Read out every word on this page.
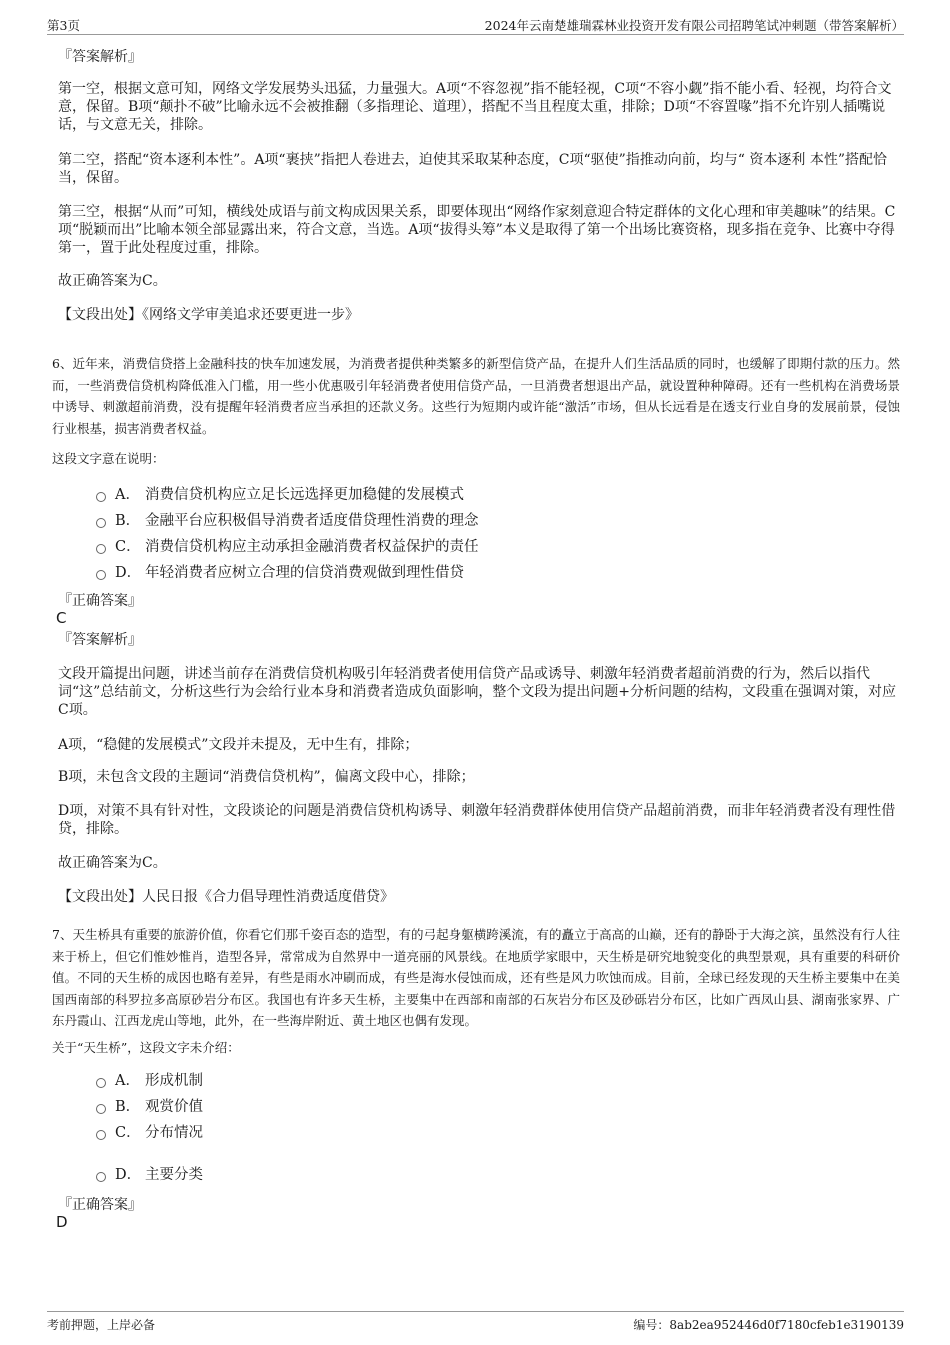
第3页	2024年云南楚雄瑞霖林业投资开发有限公司招聘笔试冲刺题（带答案解析）
『答案解析』

第一空，根据文意可知，网络文学发展势头迅猛，力量强大。A项“不容忽视”指不能轻视，C项“不容小觑”指不能小看、轻视，均符合文意，保留。B项“颠扑不破”比喻永远不会被推翻（多指理论、道理），搭配不当且程度太重，排除；D项“不容置喙”指不允许别人插嘴说话，与文意无关，排除。

第二空，搭配“资本逐利本性”。A项“裹挟”指把人卷进去，迫使其采取某种态度，C项“驱使”指推动向前，均与“ 资本逐利 本性”搭配恰当，保留。

第三空，根据“从而”可知，横线处成语与前文构成因果关系，即要体现出“网络作家刻意迎合特定群体的文化心理和审美趣味”的结果。C项“脱颖而出”比喻本领全部显露出来，符合文意，当选。A项“拔得头筹”本义是取得了第一个出场比赛资格，现多指在竞争、比赛中夺得第一，置于此处程度过重，排除。

故正确答案为C。

【文段出处】《网络文学审美追求还要更进一步》

6、近年来，消费信贷搭上金融科技的快车加速发展，为消费者提供种类繁多的新型信贷产品，在提升人们生活品质的同时，也缓解了即期付款的压力。然而，一些消费信贷机构降低准入门槛，用一些小优惠吸引年轻消费者使用信贷产品，一旦消费者想退出产品，就设置种种障碍。还有一些机构在消费场景中诱导、刺激超前消费，没有提醒年轻消费者应当承担的还款义务。这些行为短期内或许能“激活”市场，但从长远看是在透支行业自身的发展前景，侵蚀行业根基，损害消费者权益。

这段文字意在说明：

A． 消费信贷机构应立足长远选择更加稳健的发展模式
B． 金融平台应积极倡导消费者适度借贷理性消费的理念
C． 消费信贷机构应主动承担金融消费者权益保护的责任
D． 年轻消费者应树立合理的信贷消费观做到理性借贷
『正确答案』
C
『答案解析』

文段开篇提出问题，讲述当前存在消费信贷机构吸引年轻消费者使用信贷产品或诱导、刺激年轻消费者超前消费的行为，然后以指代词“这”总结前文，分析这些行为会给行业本身和消费者造成负面影响，整个文段为提出问题+分析问题的结构，文段重在强调对策，对应C项。

A项，“稳健的发展模式”文段并未提及，无中生有，排除；

B项，未包含文段的主题词“消费信贷机构”，偏离文段中心，排除；

D项，对策不具有针对性，文段谈论的问题是消费信贷机构诱导、刺激年轻消费群体使用信贷产品超前消费，而非年轻消费者没有理性借贷，排除。

故正确答案为C。

【文段出处】人民日报《合力倡导理性消费适度借贷》

7、天生桥具有重要的旅游价值，你看它们那千姿百态的造型，有的弓起身躯横跨溪流，有的矗立于高高的山巅，还有的静卧于大海之滨，虽然没有行人往来于桥上，但它们惟妙惟肖，造型各异，常常成为自然界中一道亮丽的风景线。在地质学家眼中，天生桥是研究地貌变化的典型景观，具有重要的科研价值。不同的天生桥的成因也略有差异，有些是雨水冲刷而成，有些是海水侵蚀而成，还有些是风力吹蚀而成。目前，全球已经发现的天生桥主要集中在美国西南部的科罗拉多高原砂岩分布区。我国也有许多天生桥，主要集中在西部和南部的石灰岩分布区及砂砾岩分布区，比如广西凤山县、湖南张家界、广东丹霞山、江西龙虎山等地，此外，在一些海岸附近、黄土地区也偶有发现。

关于“天生桥”，这段文字未介绍：

A． 形成机制
B． 观赏价值
C． 分布情况
D． 主要分类
『正确答案』
D
考前押题，上岸必备	编号：8ab2ea952446d0f7180cfeb1e3190139
